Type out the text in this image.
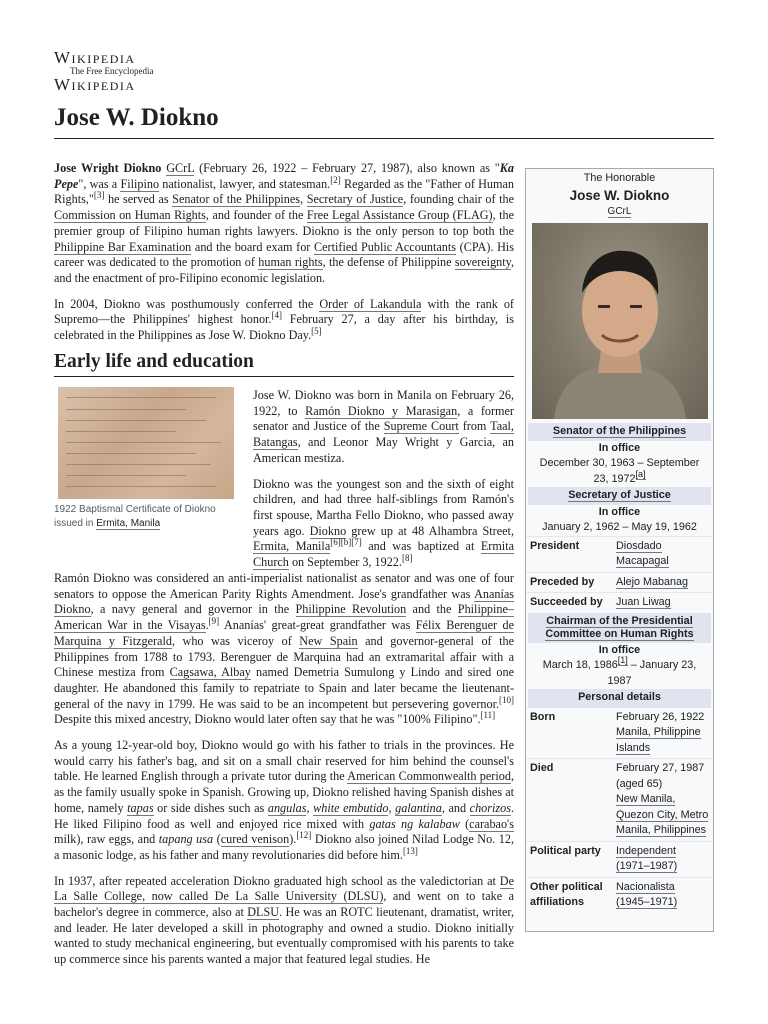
Wikipedia
The Free Encyclopedia
Wikipedia
Jose W. Diokno

Jose Wright Diokno GCrL (February 26, 1922 – February 27, 1987), also known as "Ka Pepe", was a Filipino nationalist, lawyer, and statesman.[2] Regarded as the "Father of Human Rights,"[3] he served as Senator of the Philippines, Secretary of Justice, founding chair of the Commission on Human Rights, and founder of the Free Legal Assistance Group (FLAG), the premier group of Filipino human rights lawyers. Diokno is the only person to top both the Philippine Bar Examination and the board exam for Certified Public Accountants (CPA). His career was dedicated to the promotion of human rights, the defense of Philippine sovereignty, and the enactment of pro-Filipino economic legislation.

In 2004, Diokno was posthumously conferred the Order of Lakandula with the rank of Supremo—the Philippines' highest honor.[4] February 27, a day after his birthday, is celebrated in the Philippines as Jose W. Diokno Day.[5]

Early life and education
1922 Baptismal Certificate of Diokno issued in Ermita, Manila

Jose W. Diokno was born in Manila on February 26, 1922, to Ramón Diokno y Marasigan, a former senator and Justice of the Supreme Court from Taal, Batangas, and Leonor May Wright y Garcia, an American mestiza.

Diokno was the youngest son and the sixth of eight children, and had three half-siblings from Ramón's first spouse, Martha Fello Diokno, who passed away years ago. Diokno grew up at 48 Alhambra Street, Ermita, Manila[6][b][7] and was baptized at Ermita Church on September 3, 1922.[8]

Ramón Diokno was considered an anti-imperialist nationalist as senator and was one of four senators to oppose the American Parity Rights Amendment. Jose's grandfather was Ananías Diokno, a navy general and governor in the Philippine Revolution and the Philippine–American War in the Visayas.[9] Ananías' great-great grandfather was Félix Berenguer de Marquina y Fitzgerald, who was viceroy of New Spain and governor-general of the Philippines from 1788 to 1793. Berenguer de Marquina had an extramarital affair with a Chinese mestiza from Cagsawa, Albay named Demetria Sumulong y Lindo and sired one daughter. He abandoned this family to repatriate to Spain and later became the lieutenant-general of the navy in 1799. He was said to be an incompetent but persevering governor.[10] Despite this mixed ancestry, Diokno would later often say that he was "100% Filipino".[11]

As a young 12-year-old boy, Diokno would go with his father to trials in the provinces. He would carry his father's bag, and sit on a small chair reserved for him behind the counsel's table. He learned English through a private tutor during the American Commonwealth period, as the family usually spoke in Spanish. Growing up, Diokno relished having Spanish dishes at home, namely tapas or side dishes such as angulas, white embutido, galantina, and chorizos. He liked Filipino food as well and enjoyed rice mixed with gatas ng kalabaw (carabao's milk), raw eggs, and tapang usa (cured venison).[12] Diokno also joined Nilad Lodge No. 12, a masonic lodge, as his father and many revolutionaries did before him.[13]

In 1937, after repeated acceleration Diokno graduated high school as the valedictorian at De La Salle College, now called De La Salle University (DLSU), and went on to take a bachelor's degree in commerce, also at DLSU. He was an ROTC lieutenant, dramatist, writer, and leader. He later developed a skill in photography and owned a studio. Diokno initially wanted to study mechanical engineering, but eventually compromised with his parents to take up commerce since his parents wanted a major that featured legal studies. He

The Honorable
Jose W. Diokno
GCrL
Senator of the Philippines
In office
December 30, 1963 – September 23, 1972[a]
Secretary of Justice
In office
January 2, 1962 – May 19, 1962
President	Diosdado Macapagal
Preceded by	Alejo Mabanag
Succeeded by	Juan Liwag
Chairman of the Presidential Committee on Human Rights
In office
March 18, 1986[1] – January 23, 1987
Personal details
Born	February 26, 1922
Manila, Philippine Islands
Died	February 27, 1987 (aged 65)
New Manila, Quezon City, Metro Manila, Philippines
Political party	Independent (1971–1987)
Other political affiliations
Nacionalista (1945–1971)
